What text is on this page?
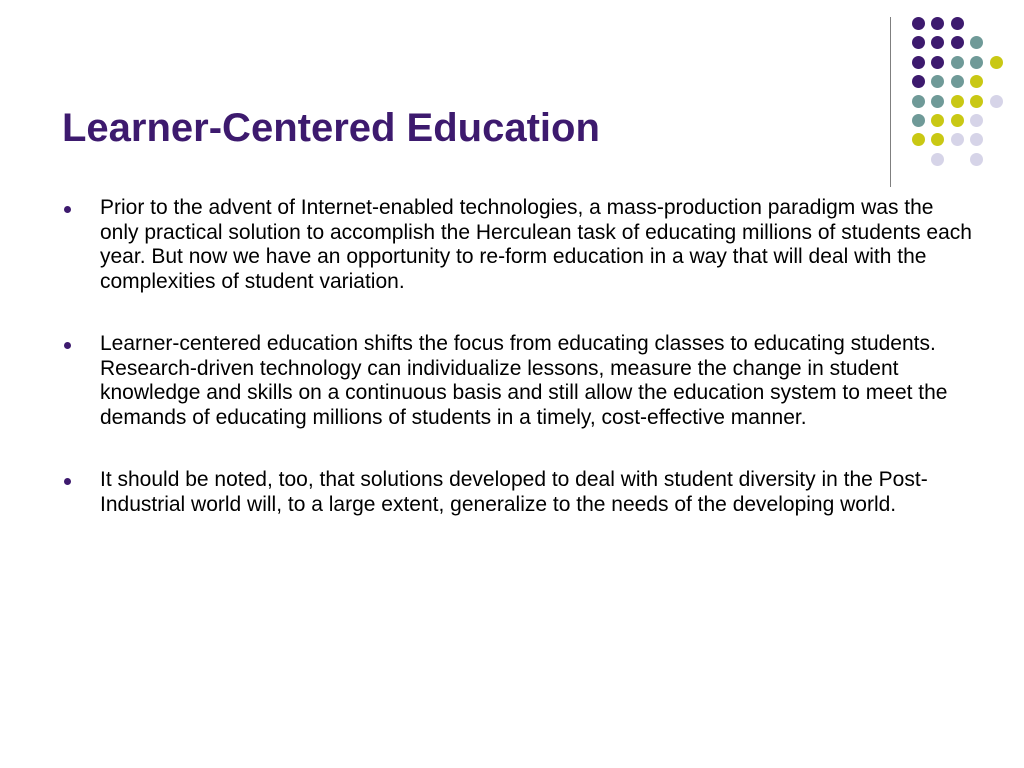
Learner-Centered Education
Prior to the advent of Internet-enabled technologies, a mass-production paradigm was the only practical solution to accomplish the Herculean task of educating millions of students each year. But now we have an opportunity to re-form education in a way that will deal with the complexities of student variation.
Learner-centered education shifts the focus from educating classes to educating students. Research-driven technology can individualize lessons, measure the change in student knowledge and skills on a continuous basis and still allow the education system to meet the demands of educating millions of students in a timely, cost-effective manner.
It should be noted, too, that solutions developed to deal with student diversity in the Post-Industrial world will, to a large extent, generalize to the needs of the developing world.
